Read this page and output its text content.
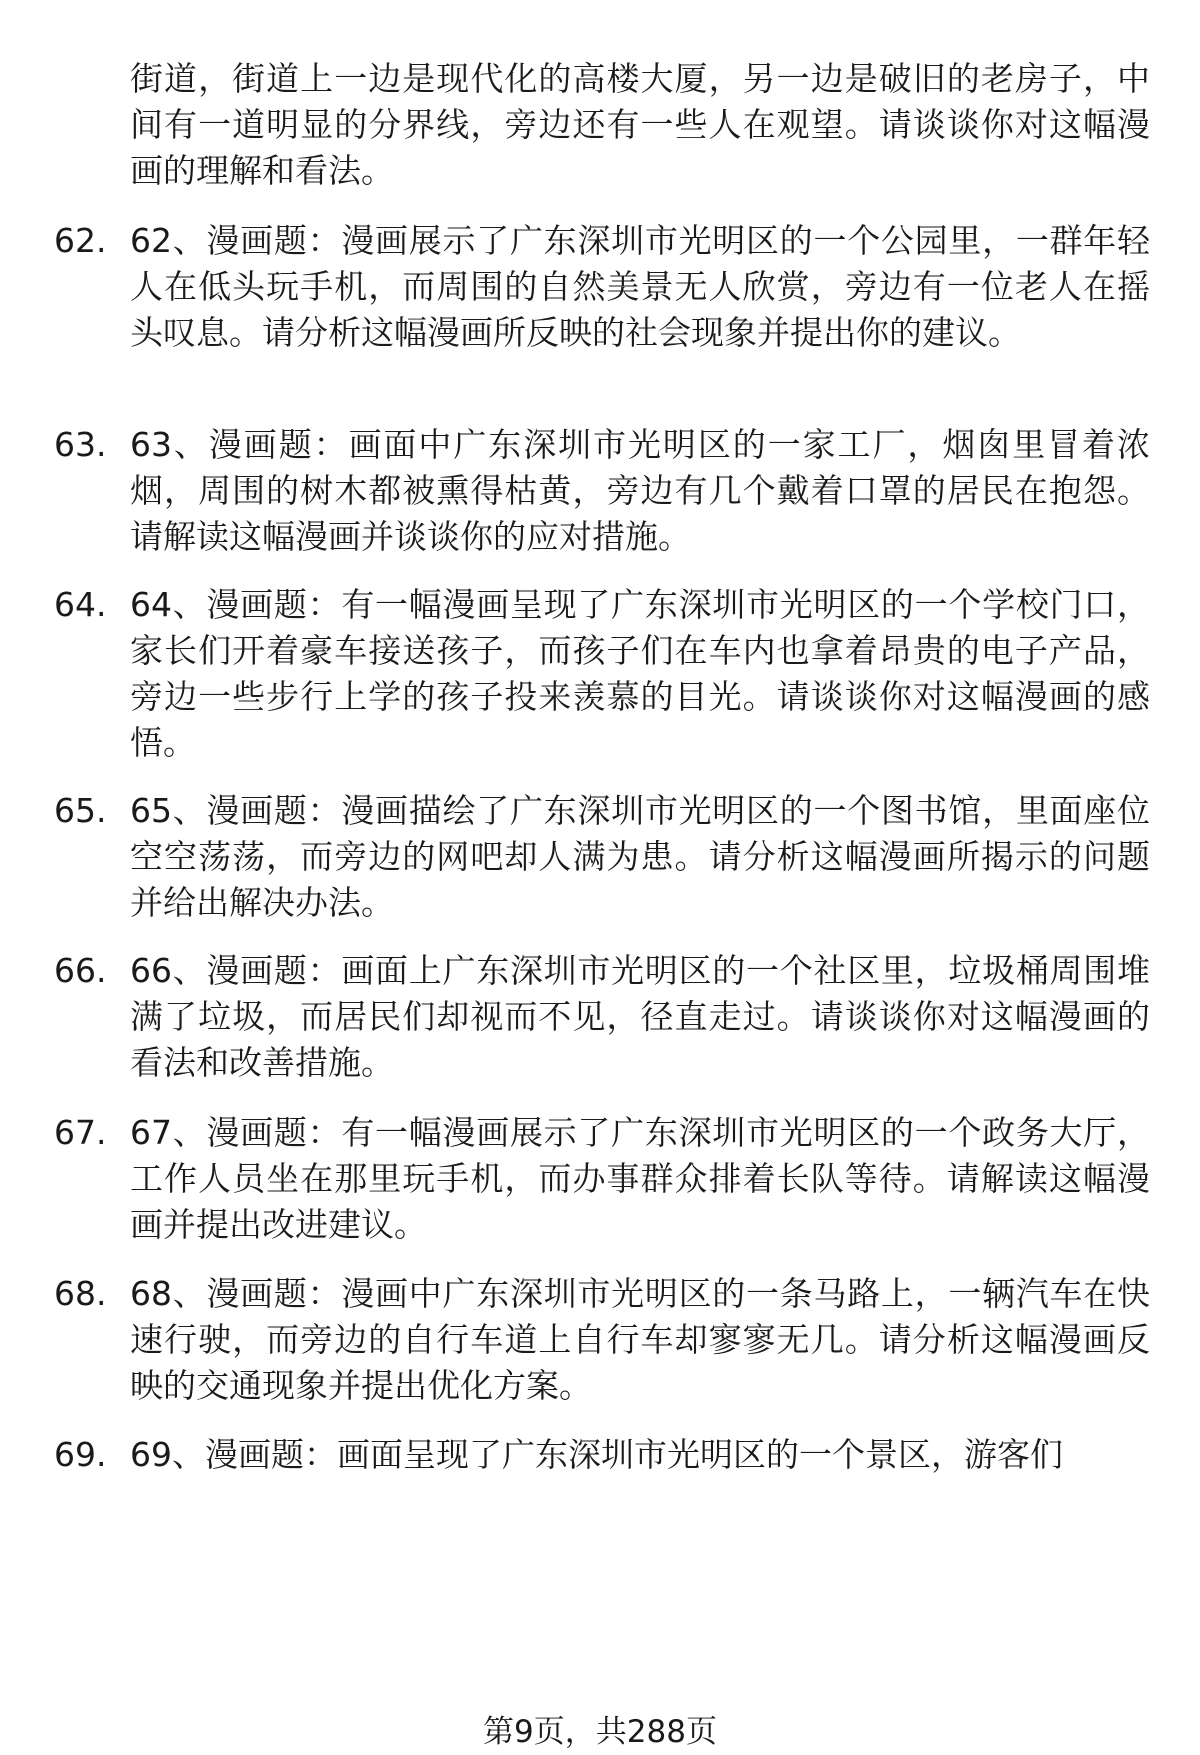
街道，街道上一边是现代化的高楼大厦，另一边是破旧的老房子，中间有一道明显的分界线，旁边还有一些人在观望。请谈谈你对这幅漫画的理解和看法。
62. 62、漫画题：漫画展示了广东深圳市光明区的一个公园里，一群年轻人在低头玩手机，而周围的自然美景无人欣赏，旁边有一位老人在摇头叹息。请分析这幅漫画所反映的社会现象并提出你的建议。
63. 63、漫画题：画面中广东深圳市光明区的一家工厂，烟囱里冒着浓烟，周围的树木都被熏得枯黄，旁边有几个戴着口罩的居民在抱怨。请解读这幅漫画并谈谈你的应对措施。
64. 64、漫画题：有一幅漫画呈现了广东深圳市光明区的一个学校门口，家长们开着豪车接送孩子，而孩子们在车内也拿着昂贵的电子产品，旁边一些步行上学的孩子投来羡慕的目光。请谈谈你对这幅漫画的感悟。
65. 65、漫画题：漫画描绘了广东深圳市光明区的一个图书馆，里面座位空空荡荡，而旁边的网吧却人满为患。请分析这幅漫画所揭示的问题并给出解决办法。
66. 66、漫画题：画面上广东深圳市光明区的一个社区里，垃圾桶周围堆满了垃圾，而居民们却视而不见，径直走过。请谈谈你对这幅漫画的看法和改善措施。
67. 67、漫画题：有一幅漫画展示了广东深圳市光明区的一个政务大厅，工作人员坐在那里玩手机，而办事群众排着长队等待。请解读这幅漫画并提出改进建议。
68. 68、漫画题：漫画中广东深圳市光明区的一条马路上，一辆汽车在快速行驶，而旁边的自行车道上自行车却寥寥无几。请分析这幅漫画反映的交通现象并提出优化方案。
69. 69、漫画题：画面呈现了广东深圳市光明区的一个景区，游客们
第9页，共288页
